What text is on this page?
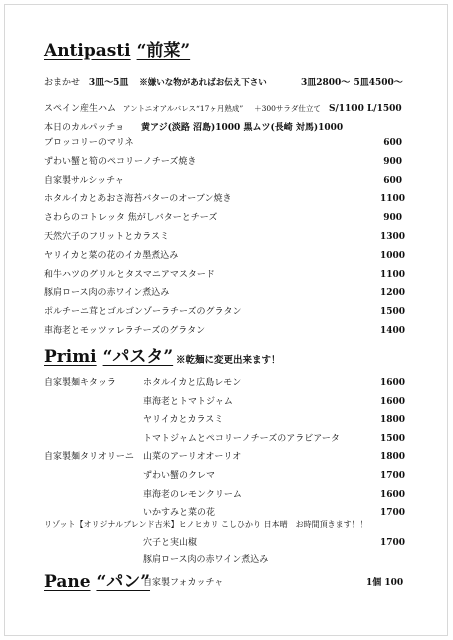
Antipasti “前菜”
おまかせ 3皿～5皿 ※嫌いな物があればお伝え下さい	3皿2800～ 5皿4500～
スペイン産生ハム アントニオアルバレス“17ヶ月熟成” ＋300サラダ仕立て S/1100 L/1500
本日のカルパッチョ 黄アジ(淡路 沼島)1000 黒ムツ(長崎 対馬)1000
ブロッコリーのマリネ	600
ずわい蟹と筍のペコリーノチーズ焼き	900
自家製サルシッチャ	600
ホタルイカとあおさ海苔バターのオーブン焼き	1100
さわらのコトレッタ 焦がしバターとチーズ	900
天然穴子のフリットとカラスミ	1300
ヤリイカと菜の花のイカ墨煮込み	1000
和牛ハツのグリルとタスマニアマスタード	1100
豚肩ロース肉の赤ワイン煮込み	1200
ポルチーニ茸とゴルゴンゾーラチーズのグラタン	1500
車海老とモッツァレラチーズのグラタン	1400
Primi “パスタ” ※乾麺に変更出来ます！
自家製麺キタッラ	ホタルイカと広島レモン	1600
車海老とトマトジャム	1600
ヤリイカとカラスミ	1800
トマトジャムとペコリーノチーズのアラビアータ	1500
自家製麺タリオリーニ 山菜のアーリオオーリオ	1800
ずわい蟹のクレマ	1700
車海老のレモンクリーム	1600
いかすみと菜の花	1700
リゾット【オリジナルブレンド古米】ヒノヒカリ こしひかり 日本晴　お時間頂きます！！
穴子と実山椒	1700
豚肩ロース肉の赤ワイン煮込み
Pane “パン”
自家製フォカッチャ	1個 100
